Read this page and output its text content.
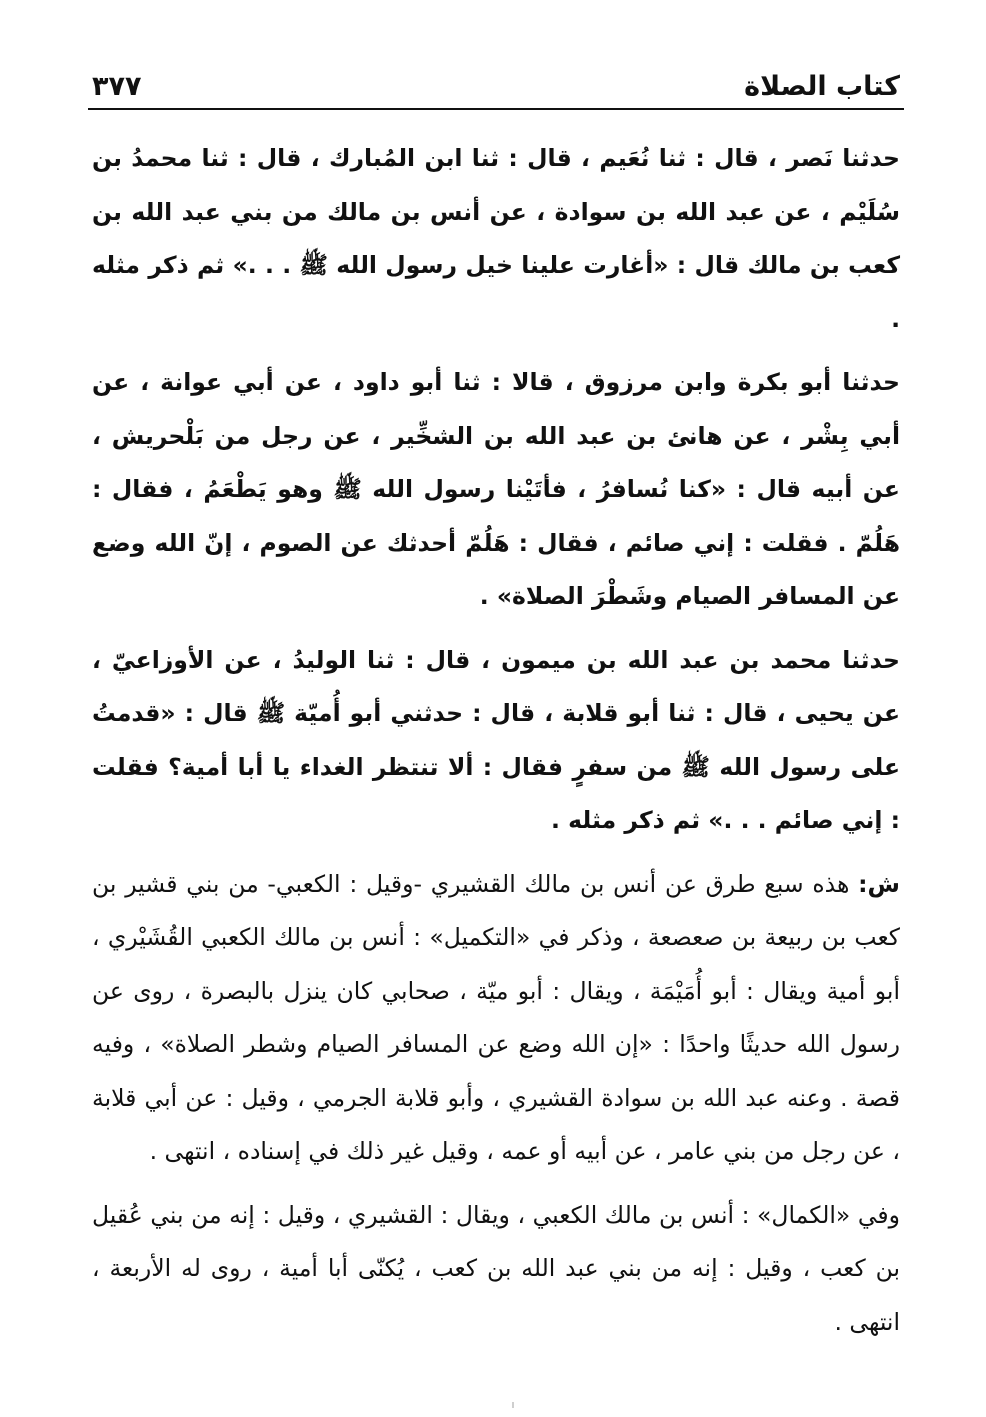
كتاب الصلاة
٣٧٧

حدثنا نَصر ، قال : ثنا نُعَيم ، قال : ثنا ابن المُبارك ، قال : ثنا محمدُ بن سُلَيْم ، عن عبد الله بن سوادة ، عن أنس بن مالك من بني عبد الله بن كعب بن مالك قال : «أغارت علينا خيل رسول الله ﷺ . . .» ثم ذكر مثله .

حدثنا أبو بكرة وابن مرزوق ، قالا : ثنا أبو داود ، عن أبي عوانة ، عن أبي بِشْر ، عن هانئ بن عبد الله بن الشخِّير ، عن رجل من بَلْحريش ، عن أبيه قال : «كنا نُسافرُ ، فأتَيْنا رسول الله ﷺ وهو يَطْعَمُ ، فقال : هَلُمّ . فقلت : إني صائم ، فقال : هَلُمّ أحدثك عن الصوم ، إنّ الله وضع عن المسافر الصيام وشَطْرَ الصلاة» .

حدثنا محمد بن عبد الله بن ميمون ، قال : ثنا الوليدُ ، عن الأوزاعيّ ، عن يحيى ، قال : ثنا أبو قلابة ، قال : حدثني أبو أُميّة ﷺ قال : «قدمتُ على رسول الله ﷺ من سفرٍ فقال : ألا تنتظر الغداء يا أبا أمية؟ فقلت : إني صائم . . .» ثم ذكر مثله .

ش: هذه سبع طرق عن أنس بن مالك القشيري -وقيل : الكعبي- من بني قشير بن كعب بن ربيعة بن صعصعة ، وذكر في «التكميل» : أنس بن مالك الكعبي القُشَيْري ، أبو أمية ويقال : أبو أُمَيْمَة ، ويقال : أبو ميّة ، صحابي كان ينزل بالبصرة ، روى عن رسول الله حديثًا واحدًا : «إن الله وضع عن المسافر الصيام وشطر الصلاة» ، وفيه قصة . وعنه عبد الله بن سوادة القشيري ، وأبو قلابة الجرمي ، وقيل : عن أبي قلابة ، عن رجل من بني عامر ، عن أبيه أو عمه ، وقيل غير ذلك في إسناده ، انتهى .

وفي «الكمال» : أنس بن مالك الكعبي ، ويقال : القشيري ، وقيل : إنه من بني عُقيل بن كعب ، وقيل : إنه من بني عبد الله بن كعب ، يُكنّى أبا أمية ، روى له الأربعة ، انتهى .
